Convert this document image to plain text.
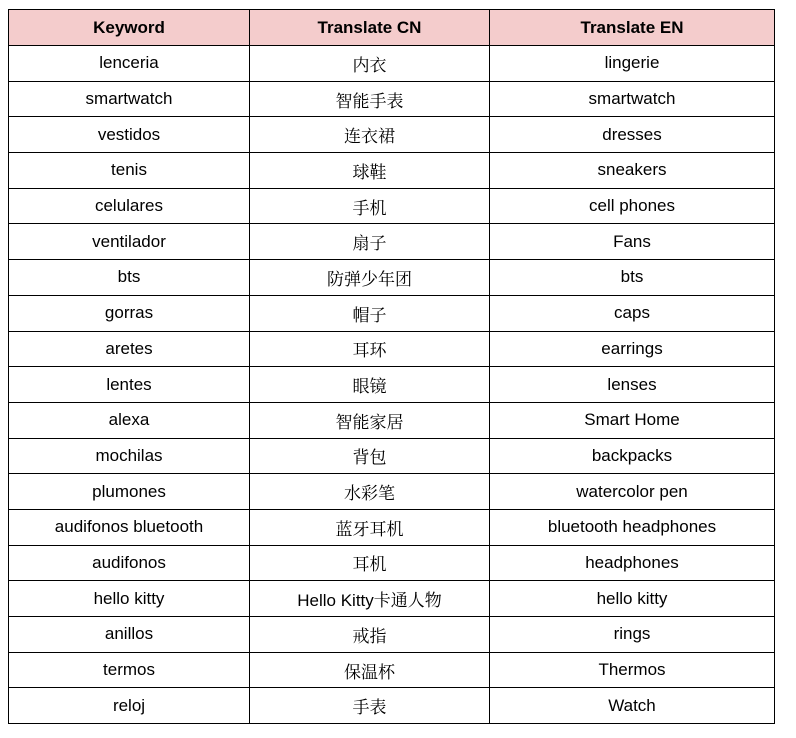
Keyword	Translate CN	Translate EN
lenceria	内衣	lingerie
smartwatch	智能手表	smartwatch
vestidos	连衣裙	dresses
tenis	球鞋	sneakers
celulares	手机	cell phones
ventilador	扇子	Fans
bts	防弹少年团	bts
gorras	帽子	caps
aretes	耳环	earrings
lentes	眼镜	lenses
alexa	智能家居	Smart Home
mochilas	背包	backpacks
plumones	水彩笔	watercolor pen
audifonos bluetooth	蓝牙耳机	bluetooth headphones
audifonos	耳机	headphones
hello kitty	Hello Kitty卡通人物	hello kitty
anillos	戒指	rings
termos	保温杯	Thermos
reloj	手表	Watch
